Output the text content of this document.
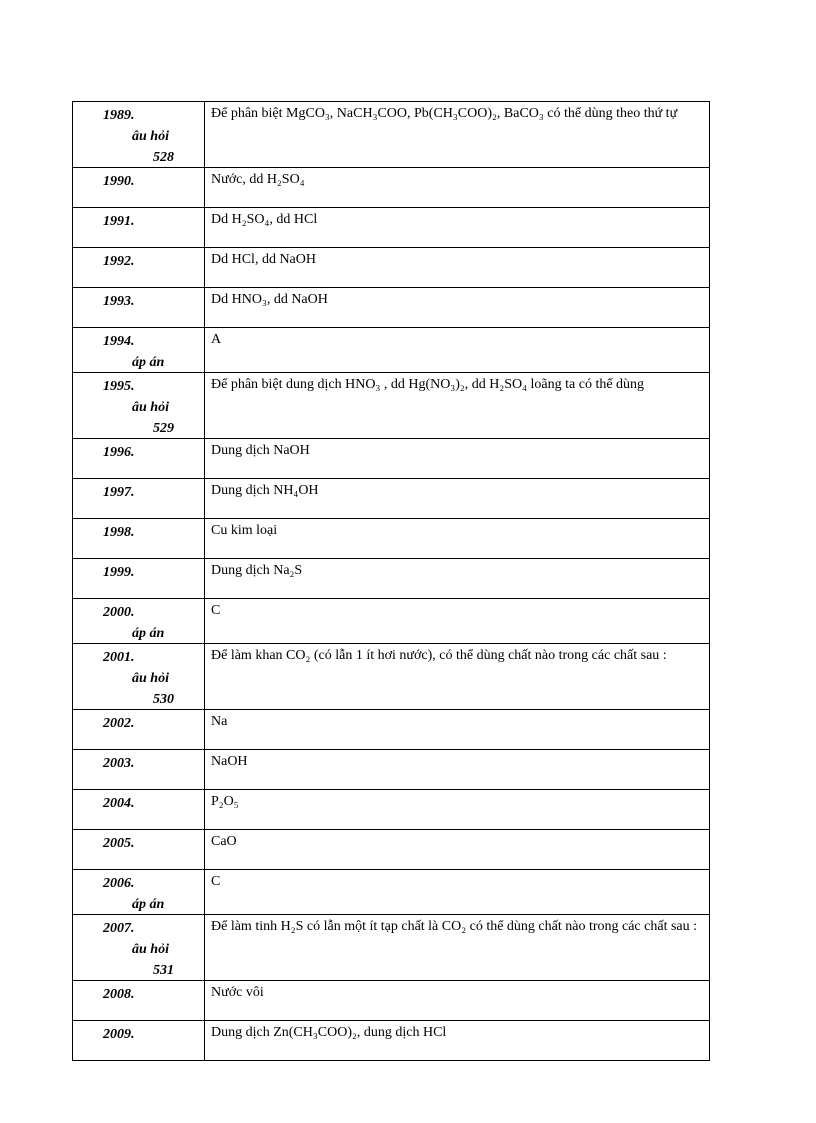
1989.
âu hỏi
528	Để phân biệt MgCO₃, NaCH₃COO, Pb(CH₃COO)₂, BaCO₃ có thể dùng theo thứ tự

1990.	Nước, dd H₂SO₄

1991.	Dd H₂SO₄, dd HCl

1992.	Dd HCl, dd NaOH

1993.	Dd HNO₃, dd NaOH

1994.
áp án	A

1995.
âu hỏi
529	Để phân biệt dung dịch HNO₃ , dd Hg(NO₃)₂, dd H₂SO₄ loãng ta có thể dùng

1996.	Dung dịch NaOH

1997.	Dung dịch NH₄OH

1998.	Cu kim loại

1999.	Dung dịch Na₂S

2000.
áp án	C

2001.
âu hỏi
530	Để làm khan CO₂ (có lẫn 1 ít hơi nước), có thể dùng chất nào trong các chất sau :

2002.	Na

2003.	NaOH

2004.	P₂O₅

2005.	CaO

2006.
áp án	C

2007.
âu hỏi
531	Để làm tinh H₂S có lẫn một ít tạp chất là CO₂ có thể dùng chất nào trong các chất sau :

2008.	Nước vôi

2009.	Dung dịch Zn(CH₃COO)₂, dung dịch HCl
